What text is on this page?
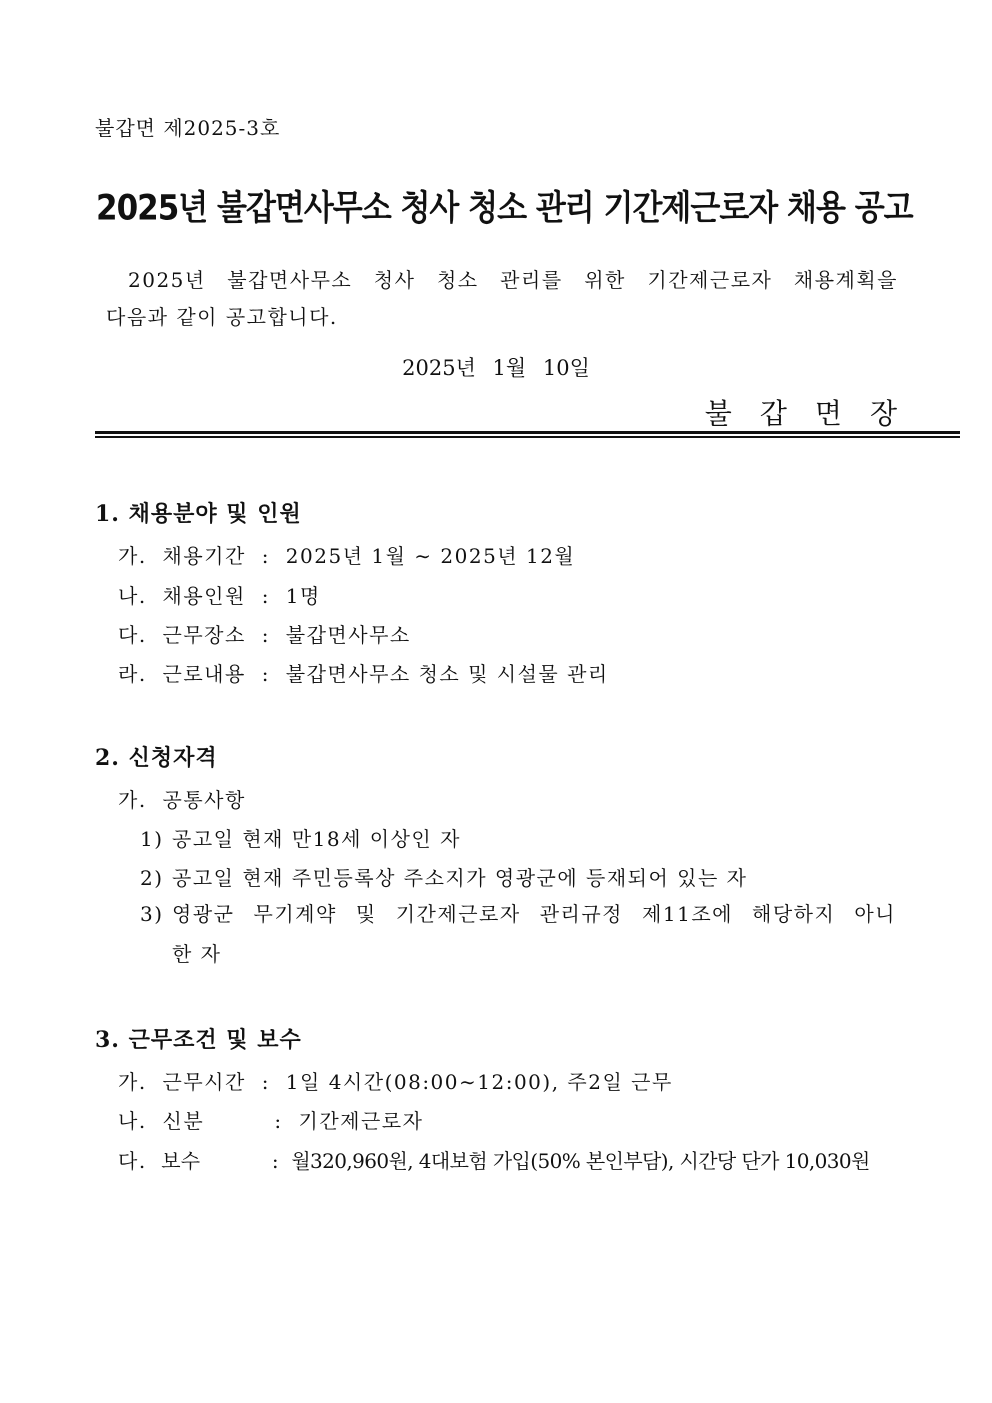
불갑면 제2025-3호
2025년 불갑면사무소 청사 청소 관리 기간제근로자 채용 공고
2025년 불갑면사무소 청사 청소 관리를 위한 기간제근로자 채용계획을
다음과 같이 공고합니다.
2025년 1월 10일
불갑면장
1. 채용분야 및 인원
가. 채용기간 : 2025년 1월 ∼ 2025년 12월
나. 채용인원 : 1명
다. 근무장소 : 불갑면사무소
라. 근로내용 : 불갑면사무소 청소 및 시설물 관리
2. 신청자격
가. 공통사항
1) 공고일 현재 만18세 이상인 자
2) 공고일 현재 주민등록상 주소지가 영광군에 등재되어 있는 자
3) 영광군 무기계약 및 기간제근로자 관리규정 제11조에 해당하지 아니
한 자
3. 근무조건 및 보수
가. 근무시간 : 1일 4시간(08:00∼12:00), 주2일 근무
나. 신분	: 기간제근로자
다. 보수	: 월320,960원, 4대보험 가입(50% 본인부담), 시간당 단가 10,030원
